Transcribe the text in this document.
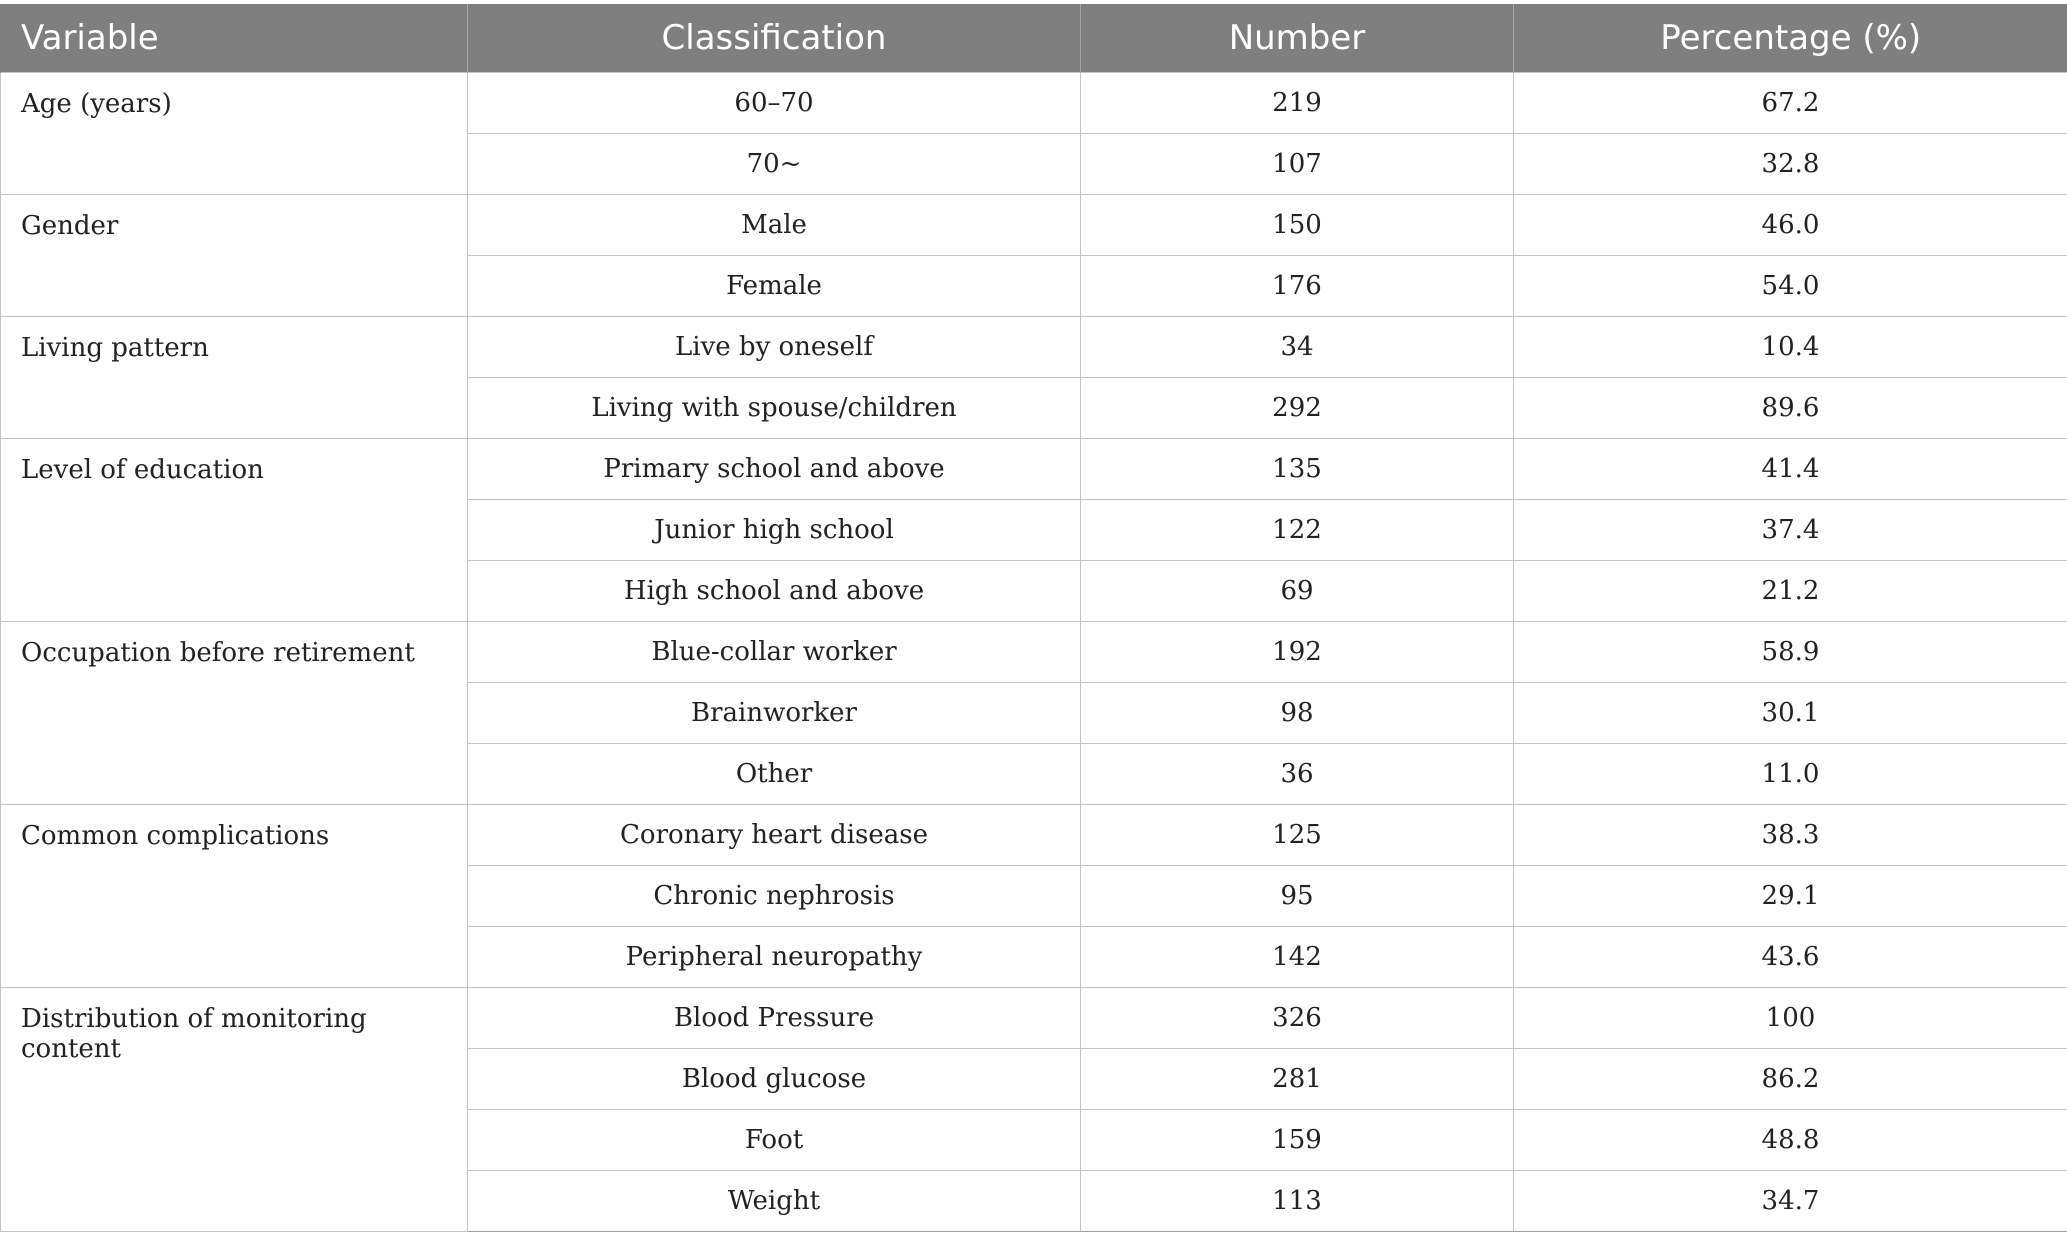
Variable	Classification	Number	Percentage (%)
Age (years)	60–70	219	67.2
	70~	107	32.8
Gender	Male	150	46.0
	Female	176	54.0
Living pattern	Live by oneself	34	10.4
	Living with spouse/children	292	89.6
Level of education	Primary school and above	135	41.4
	Junior high school	122	37.4
	High school and above	69	21.2
Occupation before retirement	Blue-collar worker	192	58.9
	Brainworker	98	30.1
	Other	36	11.0
Common complications	Coronary heart disease	125	38.3
	Chronic nephrosis	95	29.1
	Peripheral neuropathy	142	43.6
Distribution of monitoring content	Blood Pressure	326	100
	Blood glucose	281	86.2
	Foot	159	48.8
	Weight	113	34.7
